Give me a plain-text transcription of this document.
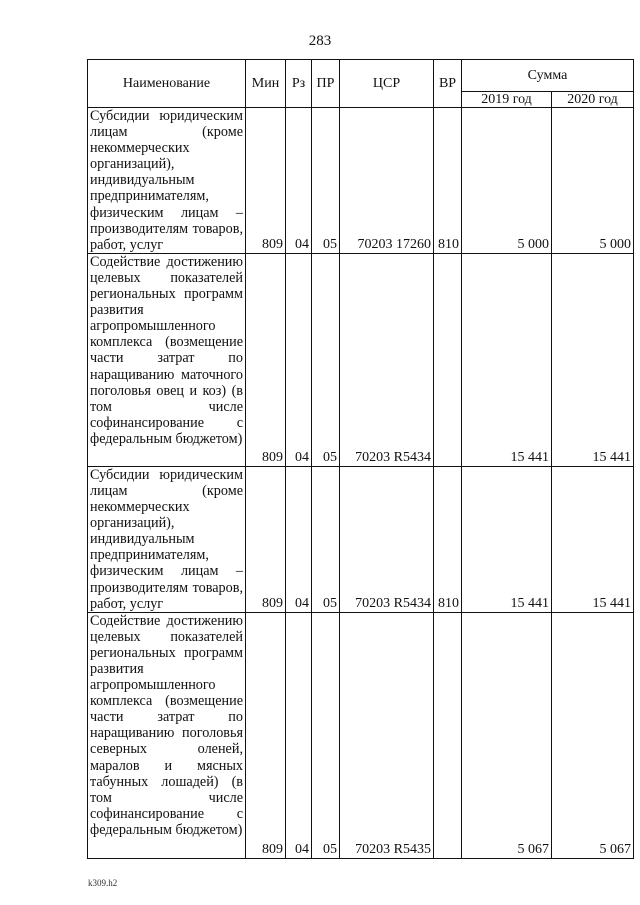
283
Наименование	Мин	Рз	ПР	ЦСР	ВР	Сумма	
						2019 год	2020 год
Субсидии юридическим лицам (кроме некоммерческих организаций), индивидуальным предпринимателям, физическим лицам – производителям товаров, работ, услуг	809	04	05	70203 17260	810	5 000	5 000
Содействие достижению целевых показателей региональных программ развития агропромышленного комплекса (возмещение части затрат по наращиванию маточного поголовья овец и коз) (в том числе софинансирование с федеральным бюджетом)	809	04	05	70203 R5434		15 441	15 441
Субсидии юридическим лицам (кроме некоммерческих организаций), индивидуальным предпринимателям, физическим лицам – производителям товаров, работ, услуг	809	04	05	70203 R5434	810	15 441	15 441
Содействие достижению целевых показателей региональных программ развития агропромышленного комплекса (возмещение части затрат по наращиванию поголовья северных оленей, маралов и мясных табунных лошадей) (в том числе софинансирование с федеральным бюджетом)	809	04	05	70203 R5435		5 067	5 067
k309.h2
